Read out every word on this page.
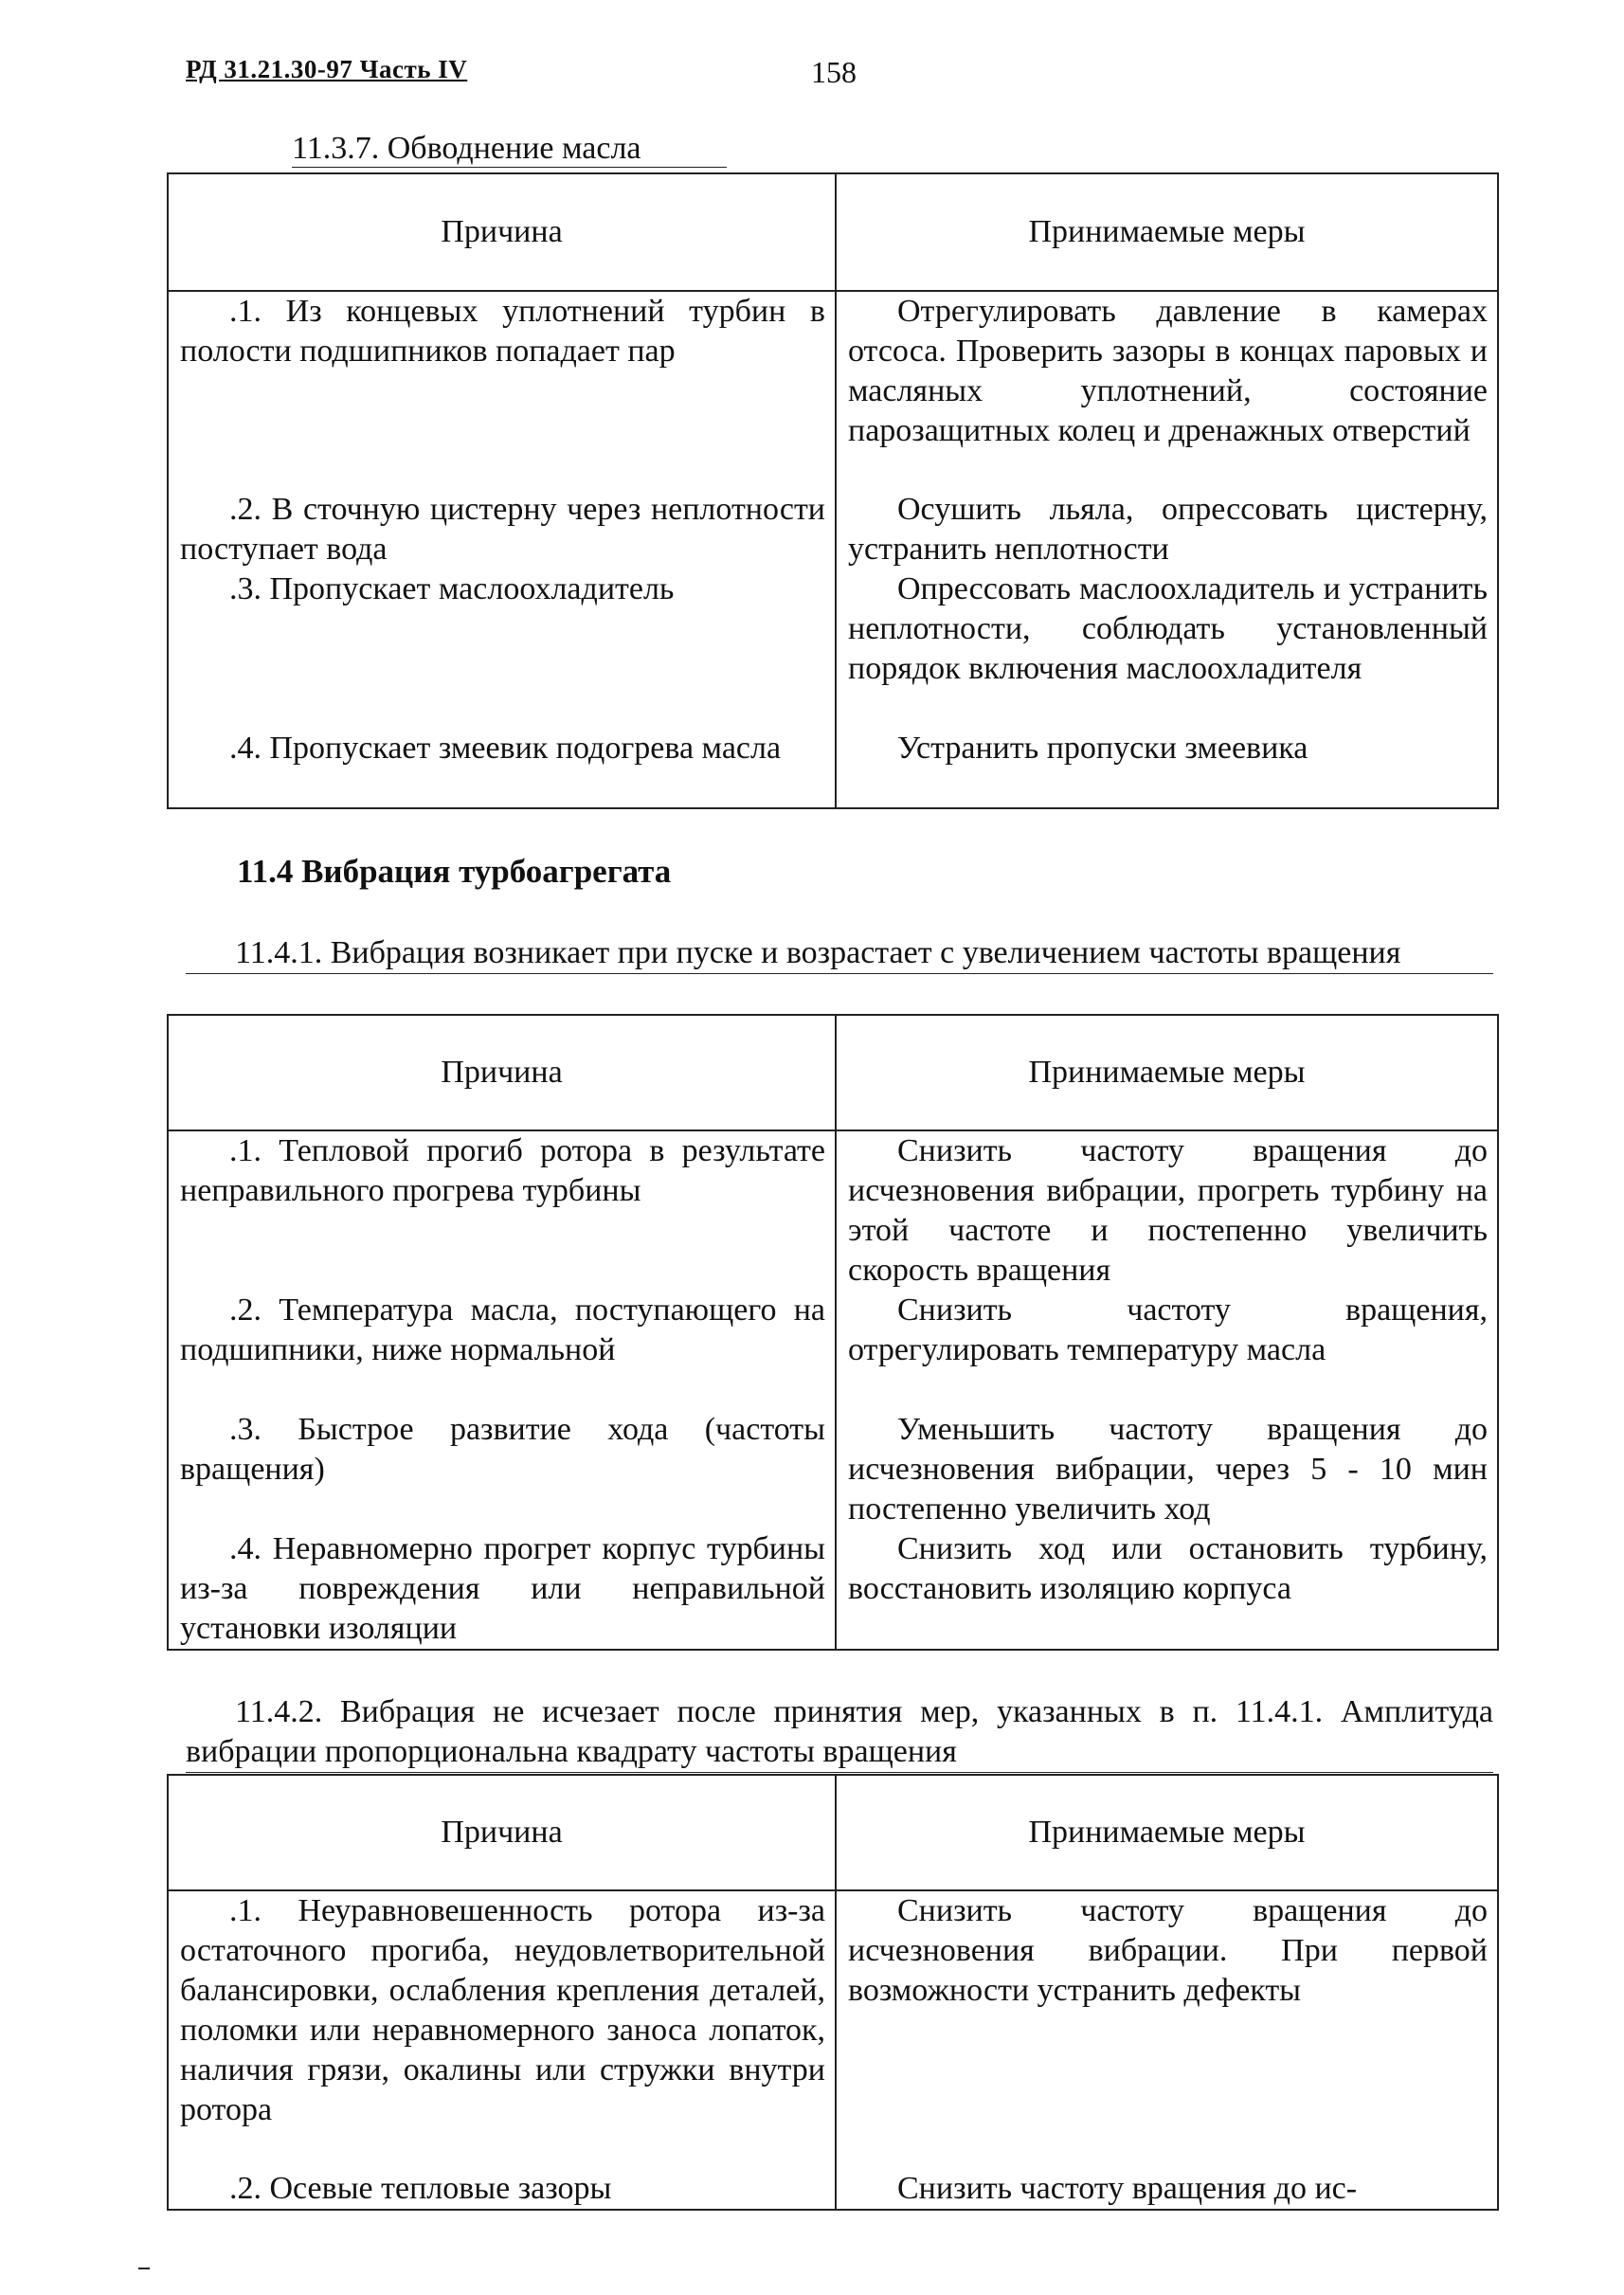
РД 31.21.30-97 Часть IV	158
11.3.7. Обводнение масла
Причина	Принимаемые меры

.1. Из концевых уплотнений турбин в полости подшипников попадает пар	Отрегулировать давление в камерах отсоса. Проверить зазоры в концах паровых и масляных уплотнений, состояние парозащитных колец и дренажных отверстий

.2. В сточную цистерну через неплотности поступает вода	Осушить льяла, опрессовать цистерну, устранить неплотности

.3. Пропускает маслоохладитель	Опрессовать маслоохладитель и устранить неплотности, соблюдать установленный порядок включения маслоохладителя

.4. Пропускает змеевик подогрева масла	Устранить пропуски змеевика
11.4 Вибрация турбоагрегата
11.4.1. Вибрация возникает при пуске и возрастает с увеличением частоты вращения
Причина	Принимаемые меры

.1. Тепловой прогиб ротора в результате неправильного прогрева турбины	Снизить частоту вращения до исчезновения вибрации, прогреть турбину на этой частоте и постепенно увеличить скорость вращения

.2. Температура масла, поступающего на подшипники, ниже нормальной	Снизить частоту вращения, отрегулировать температуру масла

.3. Быстрое развитие хода (частоты вращения)	Уменьшить частоту вращения до исчезновения вибрации, через 5 - 10 мин постепенно увеличить ход

.4. Неравномерно прогрет корпус турбины из-за повреждения или неправильной установки изоляции	Снизить ход или остановить турбину, восстановить изоляцию корпуса
11.4.2. Вибрация не исчезает после принятия мер, указанных в п. 11.4.1. Амплитуда вибрации пропорциональна квадрату частоты вращения
Причина	Принимаемые меры

.1. Неуравновешенность ротора из-за остаточного прогиба, неудовлетворительной балансировки, ослабления крепления деталей, поломки или неравномерного заноса лопаток, наличия грязи, окалины или стружки внутри ротора	Снизить частоту вращения до исчезновения вибрации. При первой возможности устранить дефекты

.2. Осевые тепловые зазоры	Снизить частоту вращения до ис-
